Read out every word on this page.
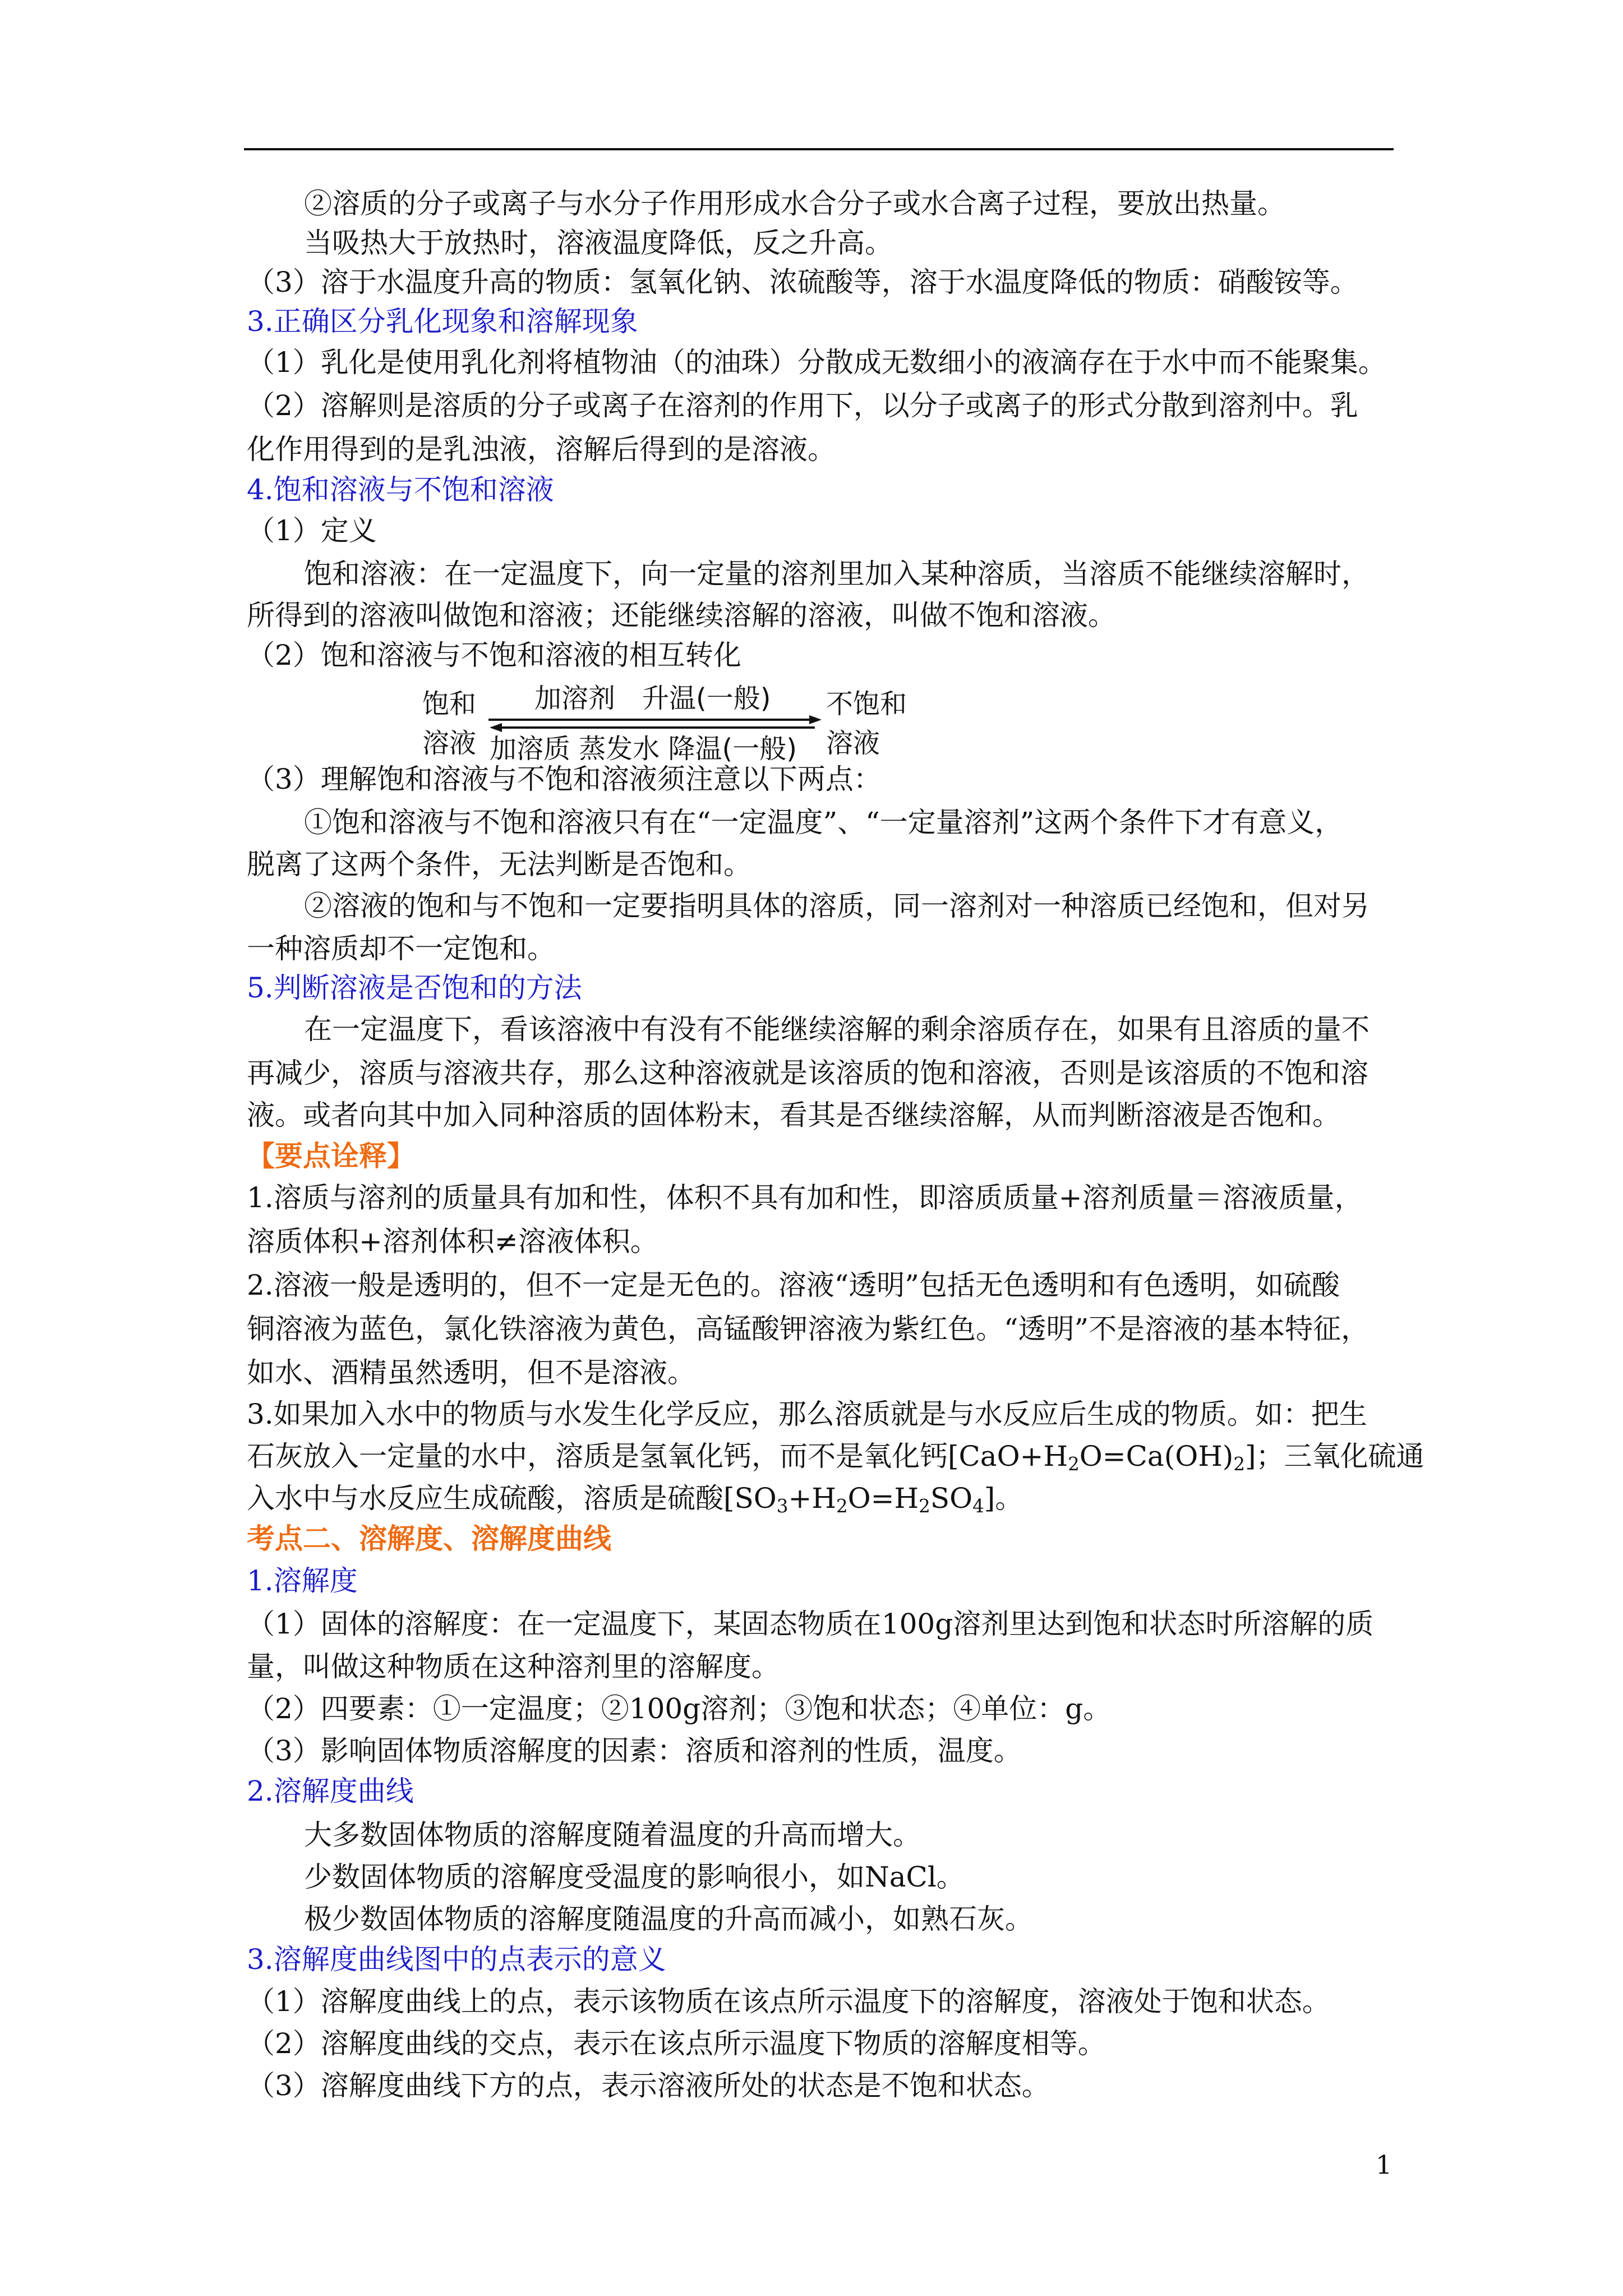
②溶质的分子或离子与水分子作用形成水合分子或水合离子过程，要放出热量。
当吸热大于放热时，溶液温度降低，反之升高。
（3）溶于水温度升高的物质：氢氧化钠、浓硫酸等，溶于水温度降低的物质：硝酸铵等。
3.正确区分乳化现象和溶解现象
（1）乳化是使用乳化剂将植物油（的油珠）分散成无数细小的液滴存在于水中而不能聚集。
（2）溶解则是溶质的分子或离子在溶剂的作用下，以分子或离子的形式分散到溶剂中。乳
化作用得到的是乳浊液，溶解后得到的是溶液。
4.饱和溶液与不饱和溶液
（1）定义
饱和溶液：在一定温度下，向一定量的溶剂里加入某种溶质，当溶质不能继续溶解时，
所得到的溶液叫做饱和溶液；还能继续溶解的溶液，叫做不饱和溶液。
（2）饱和溶液与不饱和溶液的相互转化
饱和
溶液
加溶剂　升温(一般)
加溶质 蒸发水 降温(一般)
不饱和
溶液
（3）理解饱和溶液与不饱和溶液须注意以下两点：
①饱和溶液与不饱和溶液只有在“一定温度”、“一定量溶剂”这两个条件下才有意义，
脱离了这两个条件，无法判断是否饱和。
②溶液的饱和与不饱和一定要指明具体的溶质，同一溶剂对一种溶质已经饱和，但对另
一种溶质却不一定饱和。
5.判断溶液是否饱和的方法
在一定温度下，看该溶液中有没有不能继续溶解的剩余溶质存在，如果有且溶质的量不
再减少，溶质与溶液共存，那么这种溶液就是该溶质的饱和溶液，否则是该溶质的不饱和溶
液。或者向其中加入同种溶质的固体粉末，看其是否继续溶解，从而判断溶液是否饱和。
【要点诠释】
1.溶质与溶剂的质量具有加和性，体积不具有加和性，即溶质质量+溶剂质量＝溶液质量，
溶质体积+溶剂体积≠溶液体积。
2.溶液一般是透明的，但不一定是无色的。溶液“透明”包括无色透明和有色透明，如硫酸
铜溶液为蓝色，氯化铁溶液为黄色，高锰酸钾溶液为紫红色。“透明”不是溶液的基本特征，
如水、酒精虽然透明，但不是溶液。
3.如果加入水中的物质与水发生化学反应，那么溶质就是与水反应后生成的物质。如：把生
石灰放入一定量的水中，溶质是氢氧化钙，而不是氧化钙$[CaO+H_2O=Ca(OH)_2]$；三氧化硫通
入水中与水反应生成硫酸，溶质是硫酸$[SO_3+H_2O=H_2SO_4]$。
考点二、溶解度、溶解度曲线
1.溶解度
（1）固体的溶解度：在一定温度下，某固态物质在100g溶剂里达到饱和状态时所溶解的质
量，叫做这种物质在这种溶剂里的溶解度。
（2）四要素：①一定温度；②100g溶剂；③饱和状态；④单位：g。
（3）影响固体物质溶解度的因素：溶质和溶剂的性质，温度。
2.溶解度曲线
大多数固体物质的溶解度随着温度的升高而增大。
少数固体物质的溶解度受温度的影响很小，如NaCl。
极少数固体物质的溶解度随温度的升高而减小，如熟石灰。
3.溶解度曲线图中的点表示的意义
（1）溶解度曲线上的点，表示该物质在该点所示温度下的溶解度，溶液处于饱和状态。
（2）溶解度曲线的交点，表示在该点所示温度下物质的溶解度相等。
（3）溶解度曲线下方的点，表示溶液所处的状态是不饱和状态。
1
